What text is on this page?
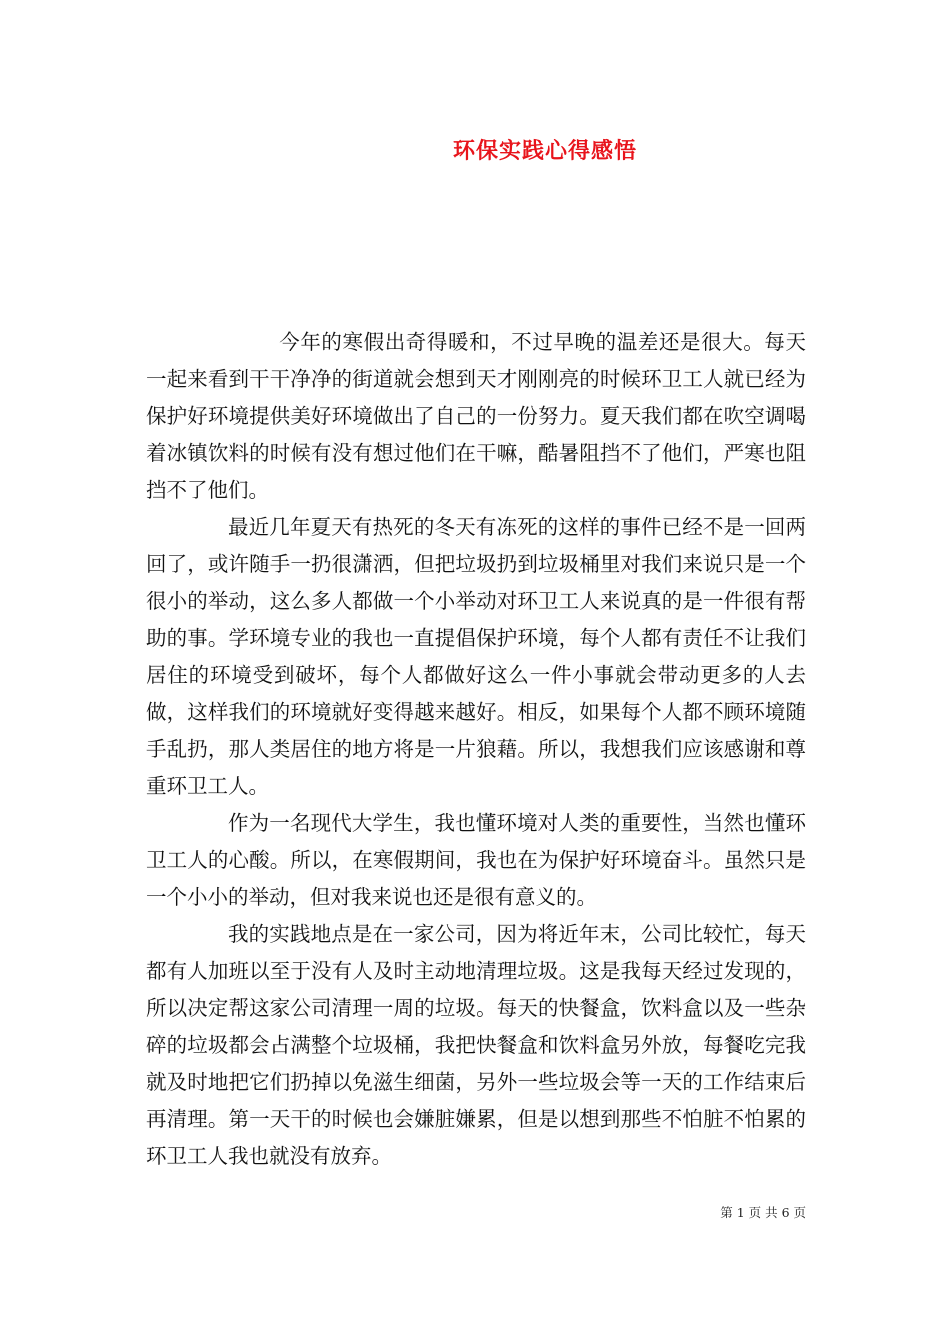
环保实践心得感悟

今年的寒假出奇得暖和，不过早晚的温差还是很大。每天一起来看到干干净净的街道就会想到天才刚刚亮的时候环卫工人就已经为保护好环境提供美好环境做出了自己的一份努力。夏天我们都在吹空调喝着冰镇饮料的时候有没有想过他们在干嘛，酷暑阻挡不了他们，严寒也阻挡不了他们。

最近几年夏天有热死的冬天有冻死的这样的事件已经不是一回两回了，或许随手一扔很潇洒，但把垃圾扔到垃圾桶里对我们来说只是一个很小的举动，这么多人都做一个小举动对环卫工人来说真的是一件很有帮助的事。学环境专业的我也一直提倡保护环境，每个人都有责任不让我们居住的环境受到破坏，每个人都做好这么一件小事就会带动更多的人去做，这样我们的环境就好变得越来越好。相反，如果每个人都不顾环境随手乱扔，那人类居住的地方将是一片狼藉。所以，我想我们应该感谢和尊重环卫工人。

作为一名现代大学生，我也懂环境对人类的重要性，当然也懂环卫工人的心酸。所以，在寒假期间，我也在为保护好环境奋斗。虽然只是一个小小的举动，但对我来说也还是很有意义的。

我的实践地点是在一家公司，因为将近年末，公司比较忙，每天都有人加班以至于没有人及时主动地清理垃圾。这是我每天经过发现的，所以决定帮这家公司清理一周的垃圾。每天的快餐盒，饮料盒以及一些杂碎的垃圾都会占满整个垃圾桶，我把快餐盒和饮料盒另外放，每餐吃完我就及时地把它们扔掉以免滋生细菌，另外一些垃圾会等一天的工作结束后再清理。第一天干的时候也会嫌脏嫌累，但是以想到那些不怕脏不怕累的环卫工人我也就没有放弃。

第 1 页 共 6 页
